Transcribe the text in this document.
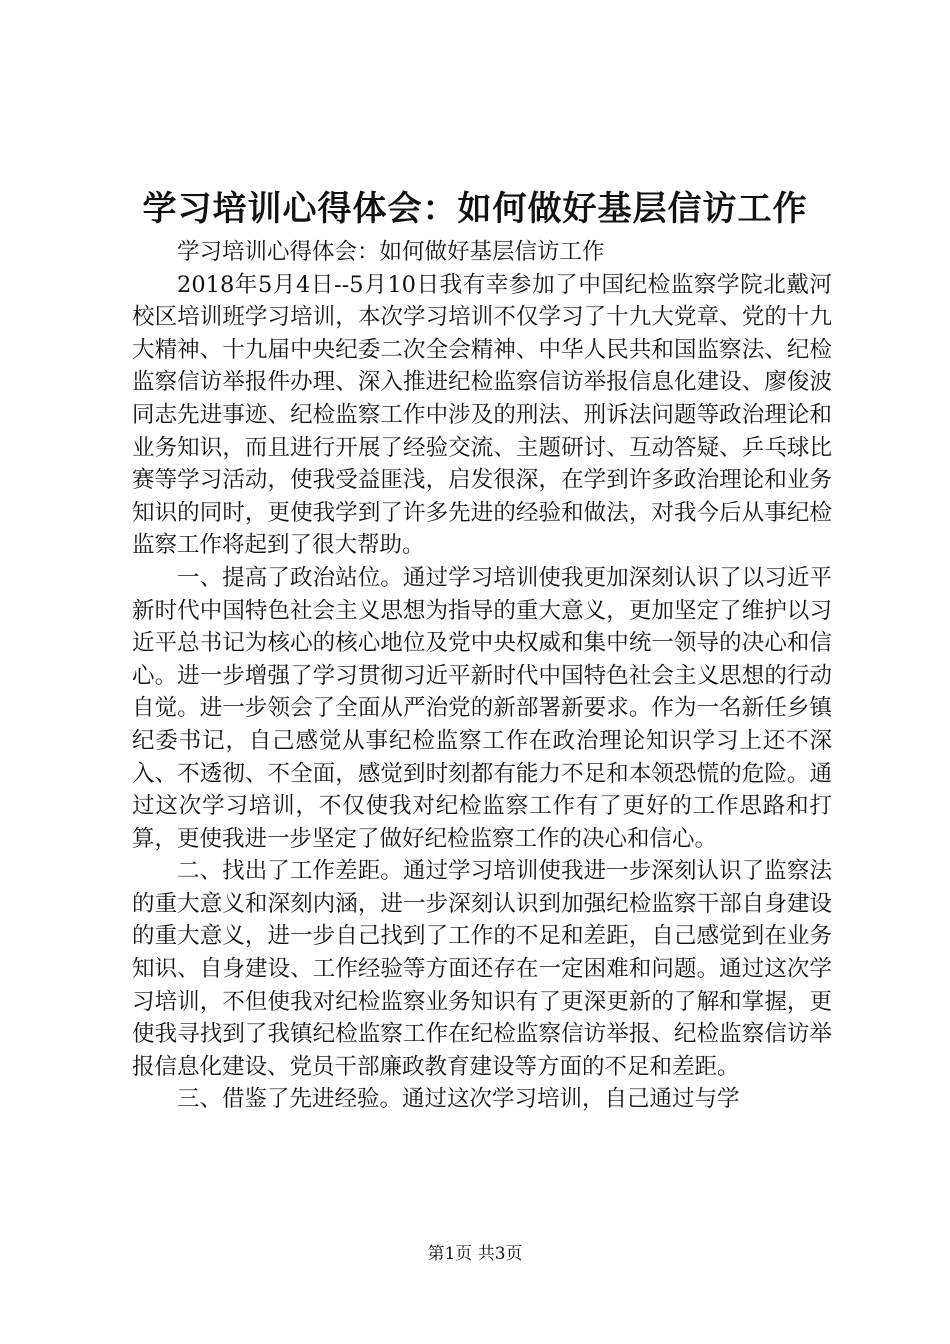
学习培训心得体会：如何做好基层信访工作

学习培训心得体会：如何做好基层信访工作

2018年5月4日--5月10日我有幸参加了中国纪检监察学院北戴河校区培训班学习培训，本次学习培训不仅学习了十九大党章、党的十九大精神、十九届中央纪委二次全会精神、中华人民共和国监察法、纪检监察信访举报件办理、深入推进纪检监察信访举报信息化建设、廖俊波同志先进事迹、纪检监察工作中涉及的刑法、刑诉法问题等政治理论和业务知识，而且进行开展了经验交流、主题研讨、互动答疑、乒乓球比赛等学习活动，使我受益匪浅，启发很深，在学到许多政治理论和业务知识的同时，更使我学到了许多先进的经验和做法，对我今后从事纪检监察工作将起到了很大帮助。

一、提高了政治站位。通过学习培训使我更加深刻认识了以习近平新时代中国特色社会主义思想为指导的重大意义，更加坚定了维护以习近平总书记为核心的核心地位及党中央权威和集中统一领导的决心和信心。进一步增强了学习贯彻习近平新时代中国特色社会主义思想的行动自觉。进一步领会了全面从严治党的新部署新要求。作为一名新任乡镇纪委书记，自己感觉从事纪检监察工作在政治理论知识学习上还不深入、不透彻、不全面，感觉到时刻都有能力不足和本领恐慌的危险。通过这次学习培训，不仅使我对纪检监察工作有了更好的工作思路和打算，更使我进一步坚定了做好纪检监察工作的决心和信心。

二、找出了工作差距。通过学习培训使我进一步深刻认识了监察法的重大意义和深刻内涵，进一步深刻认识到加强纪检监察干部自身建设的重大意义，进一步自己找到了工作的不足和差距，自己感觉到在业务知识、自身建设、工作经验等方面还存在一定困难和问题。通过这次学习培训，不但使我对纪检监察业务知识有了更深更新的了解和掌握，更使我寻找到了我镇纪检监察工作在纪检监察信访举报、纪检监察信访举报信息化建设、党员干部廉政教育建设等方面的不足和差距。

三、借鉴了先进经验。通过这次学习培训，自己通过与学

第1页 共3页
